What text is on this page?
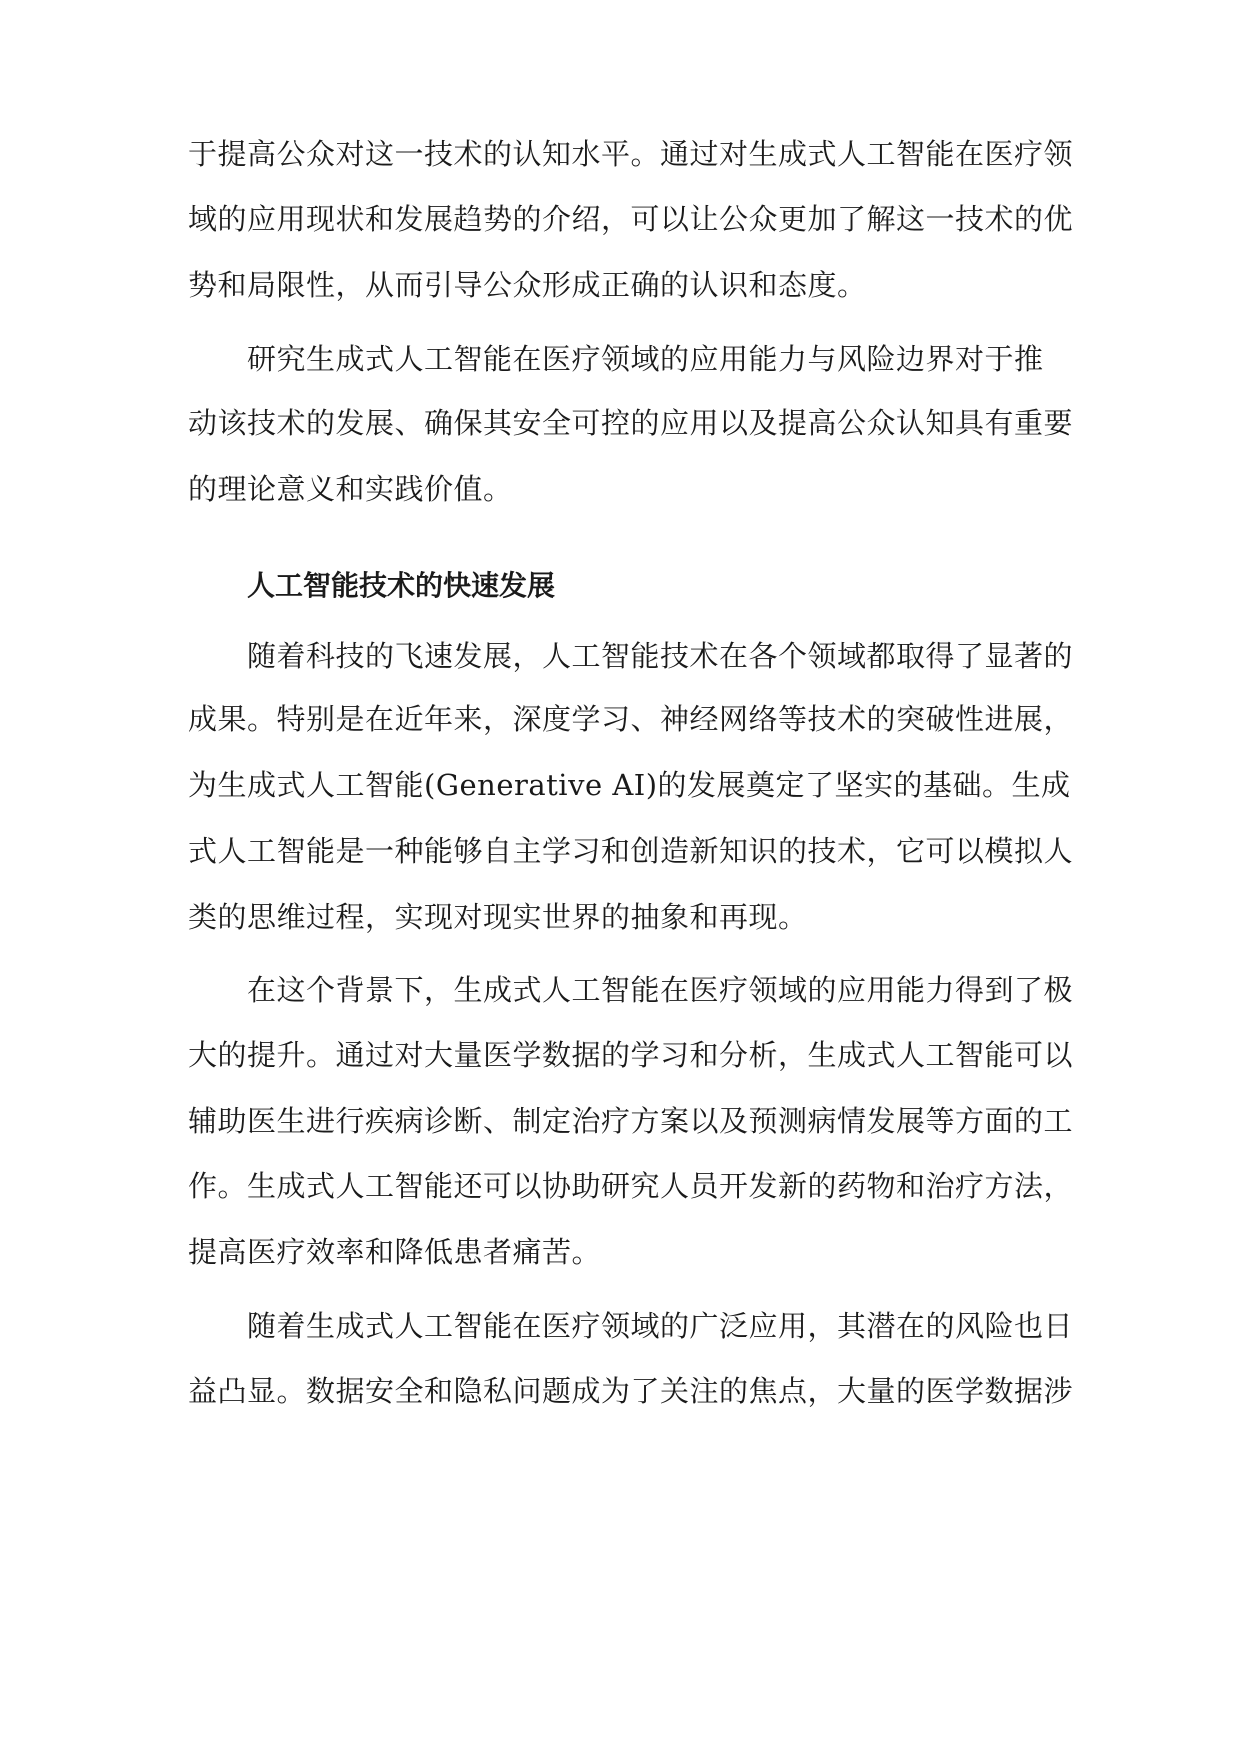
于提高公众对这一技术的认知水平。通过对生成式人工智能在医疗领
域的应用现状和发展趋势的介绍，可以让公众更加了解这一技术的优
势和局限性，从而引导公众形成正确的认识和态度。
研究生成式人工智能在医疗领域的应用能力与风险边界对于推
动该技术的发展、确保其安全可控的应用以及提高公众认知具有重要
的理论意义和实践价值。
人工智能技术的快速发展
随着科技的飞速发展，人工智能技术在各个领域都取得了显著的
成果。特别是在近年来，深度学习、神经网络等技术的突破性进展，
为生成式人工智能(Generative AI)的发展奠定了坚实的基础。生成
式人工智能是一种能够自主学习和创造新知识的技术，它可以模拟人
类的思维过程，实现对现实世界的抽象和再现。
在这个背景下，生成式人工智能在医疗领域的应用能力得到了极
大的提升。通过对大量医学数据的学习和分析，生成式人工智能可以
辅助医生进行疾病诊断、制定治疗方案以及预测病情发展等方面的工
作。生成式人工智能还可以协助研究人员开发新的药物和治疗方法，
提高医疗效率和降低患者痛苦。
随着生成式人工智能在医疗领域的广泛应用，其潜在的风险也日
益凸显。数据安全和隐私问题成为了关注的焦点，大量的医学数据涉
